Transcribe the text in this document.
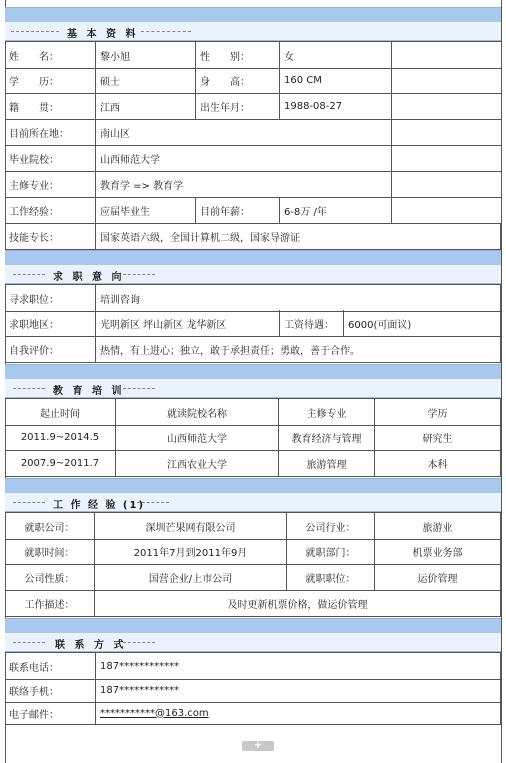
基 本 资 料
姓　　名：	黎小旭	性　　别：	女
学　　历：	硕士	身　　高：	160 CM
籍　　贯：	江西	出生年月：	1988-08-27
目前所在地：	南山区
毕业院校：	山西师范大学
主修专业：	教育学 => 教育学
工作经验：	应届毕业生	目前年薪：	6-8万 /年
技能专长：	国家英语六级，全国计算机二级，国家导游证
求 职 意 向
寻求职位：	培训咨询
求职地区：	光明新区 坪山新区 龙华新区	工资待遇：	6000(可面议)
自我评价：	热情，有上进心；独立，敢于承担责任；勇敢，善于合作。
教 育 培 训
起止时间	就读院校名称	主修专业	学历
2011.9~2014.5	山西师范大学	教育经济与管理	研究生
2007.9~2011.7	江西农业大学	旅游管理	本科
工 作 经 验 (1)
就职公司：	深圳芒果网有限公司	公司行业：	旅游业
就职时间：	2011年7月到2011年9月	就职部门：	机票业务部
公司性质：	国营企业/上市公司	就职职位：	运价管理
工作描述：	及时更新机票价格，做运价管理
联 系 方 式
联系电话：	187************
联络手机：	187************
电子邮件：	***********@163.com
+
